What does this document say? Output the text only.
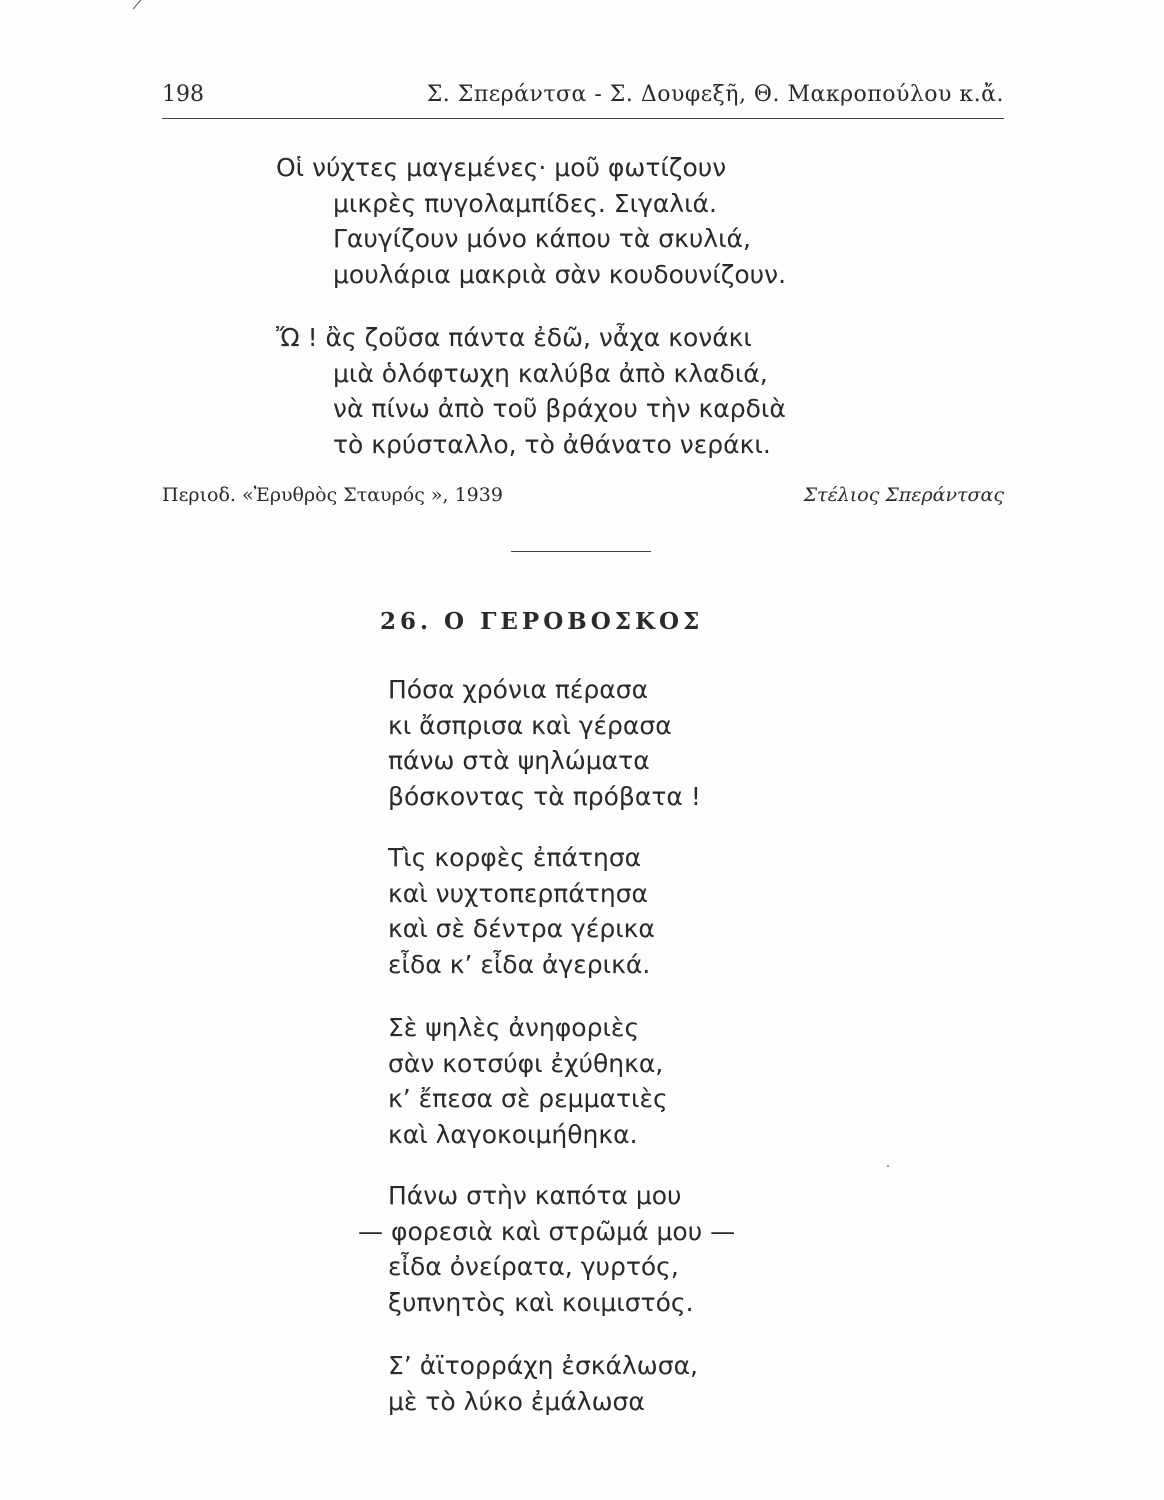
198	Σ. Σπεράντσα - Σ. Δουφεξῆ, Θ. Μακροπούλου κ.ἄ.
Οἱ νύχτες μαγεμένες· μοῦ φωτίζουν
μικρὲς πυγολαμπίδες. Σιγαλιά.
Γαυγίζουν μόνο κάπου τὰ σκυλιά,
μουλάρια μακριὰ σὰν κουδουνίζουν.
Ὤ ! ἂς ζοῦσα πάντα ἐδῶ, νἆχα κονάκι
μιὰ ὁλόφτωχη καλύβα ἀπὸ κλαδιά,
νὰ πίνω ἀπὸ τοῦ βράχου τὴν καρδιὰ
τὸ κρύσταλλο, τὸ ἀθάνατο νεράκι.
Περιοδ. «Ἐρυθρὸς Σταυρός », 1939	Στέλιος Σπεράντσας
26. Ο ΓΕΡΟΒΟΣΚΟΣ
Πόσα χρόνια πέρασα
κι ἄσπρισα καὶ γέρασα
πάνω στὰ ψηλώματα
βόσκοντας τὰ πρόβατα !
Τὶς κορφὲς ἐπάτησα
καὶ νυχτοπερπάτησα
καὶ σὲ δέντρα γέρικα
εἶδα κ’ εἶδα ἀγερικά.
Σὲ ψηλὲς ἀνηφοριὲς
σὰν κοτσύφι ἐχύθηκα,
κ’ ἔπεσα σὲ ρεμματιὲς
καὶ λαγοκοιμήθηκα.
Πάνω στὴν καπότα μου
— φορεσιὰ καὶ στρῶμά μου —
εἶδα ὀνείρατα, γυρτός,
ξυπνητὸς καὶ κοιμιστός.
Σ’ ἀϊτορράχη ἐσκάλωσα,
μὲ τὸ λύκο ἐμάλωσα
